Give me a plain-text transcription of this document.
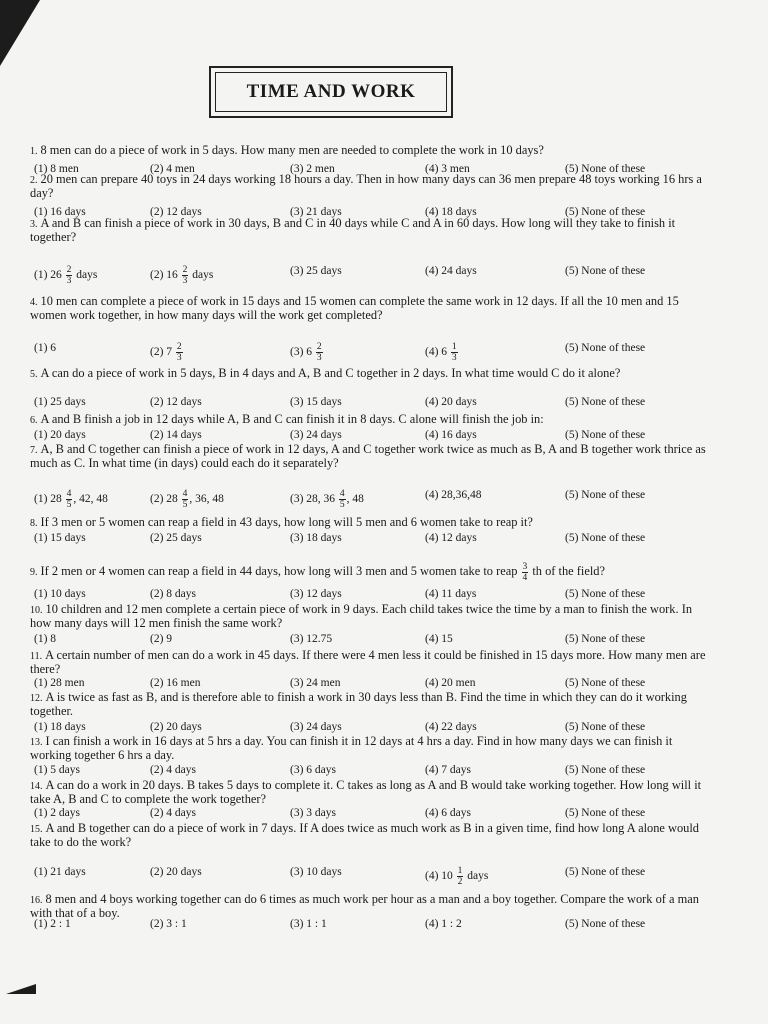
TIME AND WORK
1. 8 men can do a piece of work in 5 days. How many men are needed to complete the work in 10 days?
(1) 8 men	(2) 4 men	(3) 2 men	(4) 3 men	(5) None of these
2. 20 men can prepare 40 toys in 24 days working 18 hours a day. Then in how many days can 36 men prepare 48 toys working 16 hrs a day?
(1) 16 days	(2) 12 days	(3) 21 days	(4) 18 days	(5) None of these
3. A and B can finish a piece of work in 30 days, B and C in 40 days while C and A in 60 days. How long will they take to finish it together?
(1) $26 \frac{2}{3}$ days	(2) $16 \frac{2}{3}$ days	(3) 25 days	(4) 24 days	(5) None of these
4. 10 men can complete a piece of work in 15 days and 15 women can complete the same work in 12 days. If all the 10 men and 15 women work together, in how many days will the work get completed?
(1) 6	(2) $7 \frac{2}{3}$	(3) $6 \frac{2}{3}$	(4) $6 \frac{1}{3}$	(5) None of these
5. A can do a piece of work in 5 days, B in 4 days and A, B and C together in 2 days. In what time would C do it alone?
(1) 25 days	(2) 12 days	(3) 15 days	(4) 20 days	(5) None of these
6. A and B finish a job in 12 days while A, B and C can finish it in 8 days. C alone will finish the job in:
(1) 20 days	(2) 14 days	(3) 24 days	(4) 16 days	(5) None of these
7. A, B and C together can finish a piece of work in 12 days, A and C together work twice as much as B, A and B together work thrice as much as C. In what time (in days) could each do it separately?
(1) $28 \frac{4}{5}$ , 42, 48	(2) $28 \frac{4}{5}$ , 36, 48	(3) 28, $36 \frac{4}{5}$ , 48	(4) 28,36,48	(5) None of these
8. If 3 men or 5 women can reap a field in 43 days, how long will 5 men and 6 women take to reap it?
(1) 15 days	(2) 25 days	(3) 18 days	(4) 12 days	(5) None of these
9. If 2 men or 4 women can reap a field in 44 days, how long will 3 men and 5 women take to reap $\frac{3}{4}$ th of the field?
(1) 10 days	(2) 8 days	(3) 12 days	(4) 11 days	(5) None of these
10. 10 children and 12 men complete a certain piece of work in 9 days. Each child takes twice the time by a man to finish the work. In how many days will 12 men finish the same work?
(1) 8	(2) 9	(3) 12.75	(4) 15	(5) None of these
11. A certain number of men can do a work in 45 days. If there were 4 men less it could be finished in 15 days more. How many men are there?
(1) 28 men	(2) 16 men	(3) 24 men	(4) 20 men	(5) None of these
12. A is twice as fast as B, and is therefore able to finish a work in 30 days less than B. Find the time in which they can do it working together.
(1) 18 days	(2) 20 days	(3) 24 days	(4) 22 days	(5) None of these
13. I can finish a work in 16 days at 5 hrs a day. You can finish it in 12 days at 4 hrs a day. Find in how many days we can finish it working together 6 hrs a day.
(1) 5 days	(2) 4 days	(3) 6 days	(4) 7 days	(5) None of these
14. A can do a work in 20 days. B takes 5 days to complete it. C takes as long as A and B would take working together. How long will it take A, B and C to complete the work together?
(1) 2 days	(2) 4 days	(3) 3 days	(4) 6 days	(5) None of these
15. A and B together can do a piece of work in 7 days. If A does twice as much work as B in a given time, find how long A alone would take to do the work?
(1) 21 days	(2) 20 days	(3) 10 days	(4) $10 \frac{1}{2}$ days	(5) None of these
16. 8 men and 4 boys working together can do 6 times as much work per hour as a man and a boy together. Compare the work of a man with that of a boy.
(1) 2 : 1	(2) 3 : 1	(3) 1 : 1	(4) 1 : 2	(5) None of these
